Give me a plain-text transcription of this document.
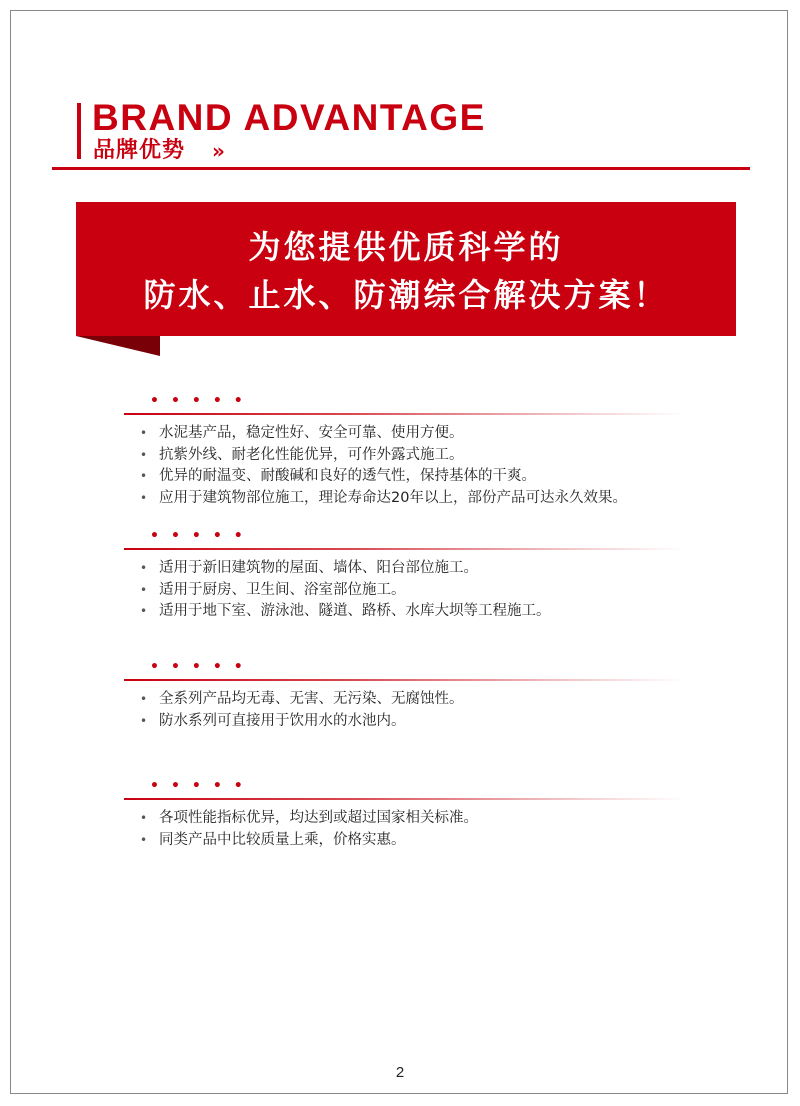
BRAND ADVANTAGE
品牌优势 »
为您提供优质科学的
防水、止水、防潮综合解决方案！
•••••
• 水泥基产品，稳定性好、安全可靠、使用方便。
• 抗紫外线、耐老化性能优异，可作外露式施工。
• 优异的耐温变、耐酸碱和良好的透气性，保持基体的干爽。
• 应用于建筑物部位施工，理论寿命达20年以上，部份产品可达永久效果。
•••••
• 适用于新旧建筑物的屋面、墙体、阳台部位施工。
• 适用于厨房、卫生间、浴室部位施工。
• 适用于地下室、游泳池、隧道、路桥、水库大坝等工程施工。
•••••
• 全系列产品均无毒、无害、无污染、无腐蚀性。
• 防水系列可直接用于饮用水的水池内。
•••••
• 各项性能指标优异，均达到或超过国家相关标准。
• 同类产品中比较质量上乘，价格实惠。
2
